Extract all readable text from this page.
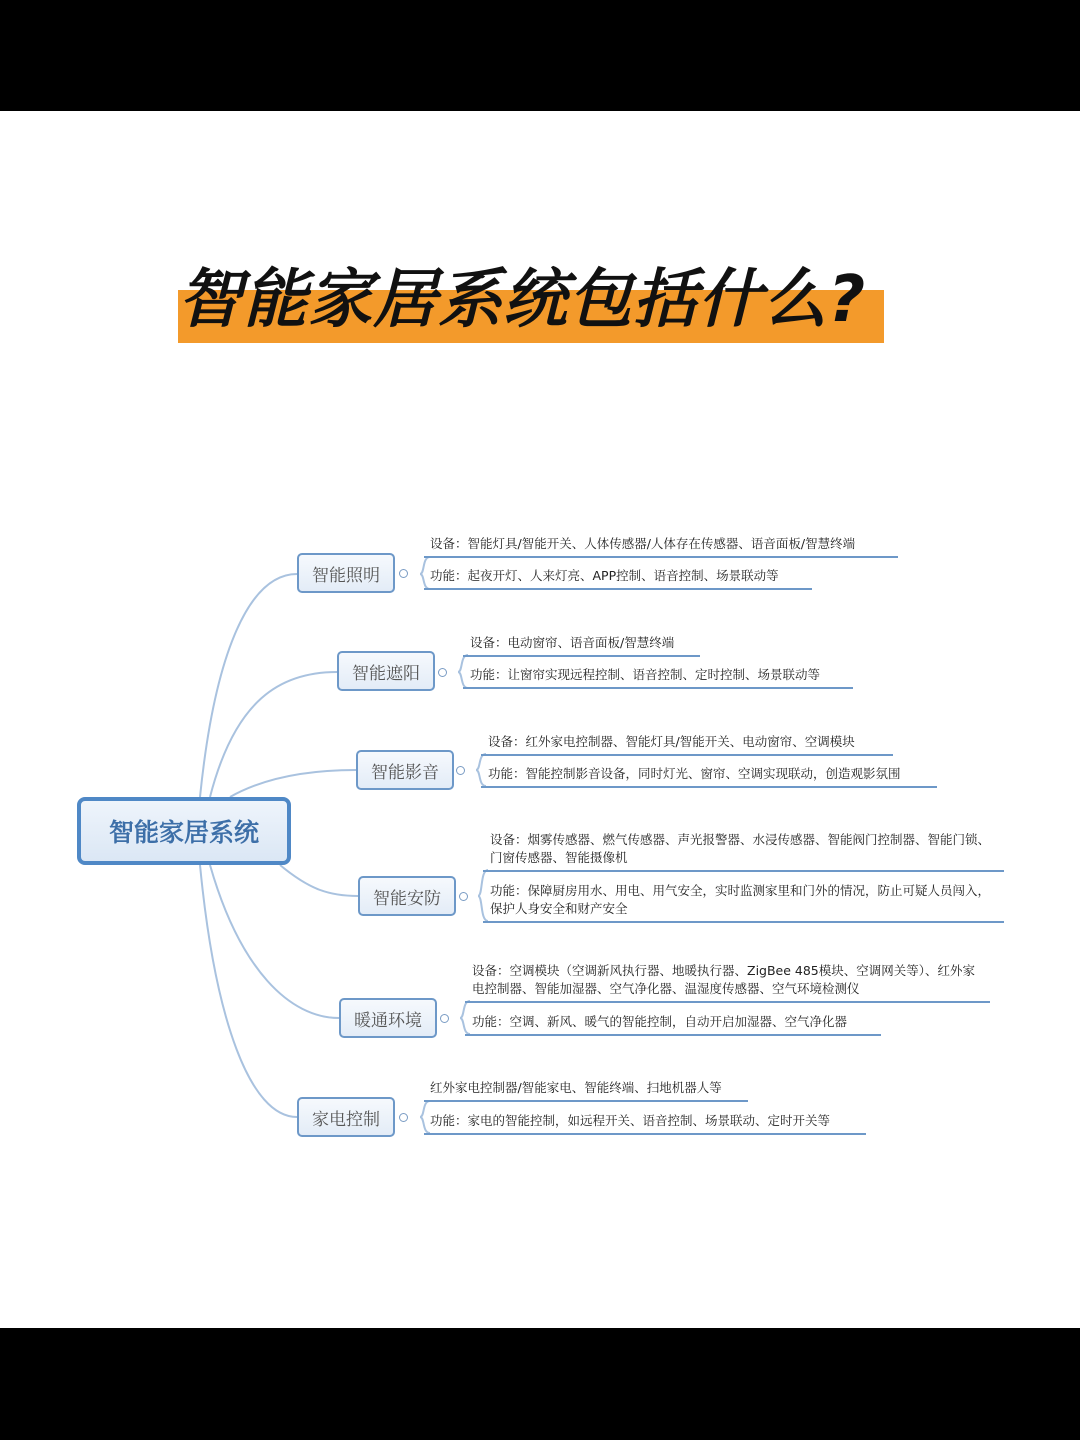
智能家居系统包括什么?
智能家居系统
智能照明
设备：智能灯具/智能开关、人体传感器/人体存在传感器、语音面板/智慧终端
功能：起夜开灯、人来灯亮、APP控制、语音控制、场景联动等
智能遮阳
设备：电动窗帘、语音面板/智慧终端
功能：让窗帘实现远程控制、语音控制、定时控制、场景联动等
智能影音
设备：红外家电控制器、智能灯具/智能开关、电动窗帘、空调模块
功能：智能控制影音设备，同时灯光、窗帘、空调实现联动，创造观影氛围
智能安防
设备：烟雾传感器、燃气传感器、声光报警器、水浸传感器、智能阀门控制器、智能门锁、门窗传感器、智能摄像机
功能：保障厨房用水、用电、用气安全，实时监测家里和门外的情况，防止可疑人员闯入，保护人身安全和财产安全
暖通环境
设备：空调模块（空调新风执行器、地暖执行器、ZigBee 485模块、空调网关等）、红外家电控制器、智能加湿器、空气净化器、温湿度传感器、空气环境检测仪
功能：空调、新风、暖气的智能控制，自动开启加湿器、空气净化器
家电控制
红外家电控制器/智能家电、智能终端、扫地机器人等
功能：家电的智能控制，如远程开关、语音控制、场景联动、定时开关等
